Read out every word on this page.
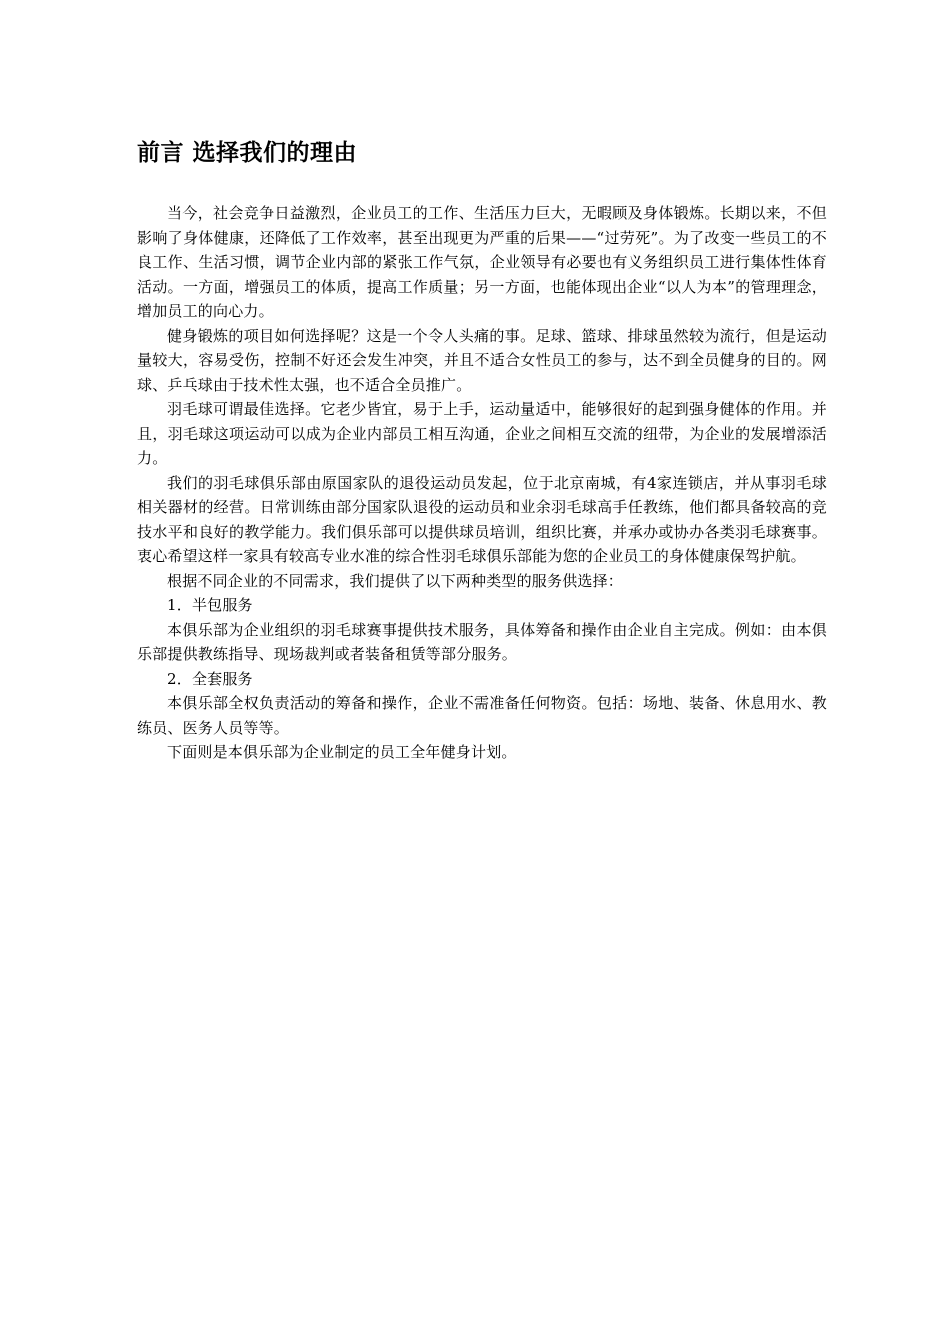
前言 选择我们的理由

当今，社会竞争日益激烈，企业员工的工作、生活压力巨大，无暇顾及身体锻炼。长期以来，不但影响了身体健康，还降低了工作效率，甚至出现更为严重的后果——“过劳死”。为了改变一些员工的不良工作、生活习惯，调节企业内部的紧张工作气氛，企业领导有必要也有义务组织员工进行集体性体育活动。一方面，增强员工的体质，提高工作质量；另一方面，也能体现出企业“以人为本”的管理理念，增加员工的向心力。

健身锻炼的项目如何选择呢？这是一个令人头痛的事。足球、篮球、排球虽然较为流行，但是运动量较大，容易受伤，控制不好还会发生冲突，并且不适合女性员工的参与，达不到全员健身的目的。网球、乒乓球由于技术性太强，也不适合全员推广。

羽毛球可谓最佳选择。它老少皆宜，易于上手，运动量适中，能够很好的起到强身健体的作用。并且，羽毛球这项运动可以成为企业内部员工相互沟通，企业之间相互交流的纽带，为企业的发展增添活力。

我们的羽毛球俱乐部由原国家队的退役运动员发起，位于北京南城，有4家连锁店，并从事羽毛球相关器材的经营。日常训练由部分国家队退役的运动员和业余羽毛球高手任教练，他们都具备较高的竞技水平和良好的教学能力。我们俱乐部可以提供球员培训，组织比赛，并承办或协办各类羽毛球赛事。衷心希望这样一家具有较高专业水准的综合性羽毛球俱乐部能为您的企业员工的身体健康保驾护航。

根据不同企业的不同需求，我们提供了以下两种类型的服务供选择：

1．半包服务

本俱乐部为企业组织的羽毛球赛事提供技术服务，具体筹备和操作由企业自主完成。例如：由本俱乐部提供教练指导、现场裁判或者装备租赁等部分服务。

2．全套服务

本俱乐部全权负责活动的筹备和操作，企业不需准备任何物资。包括：场地、装备、休息用水、教练员、医务人员等等。

下面则是本俱乐部为企业制定的员工全年健身计划。
